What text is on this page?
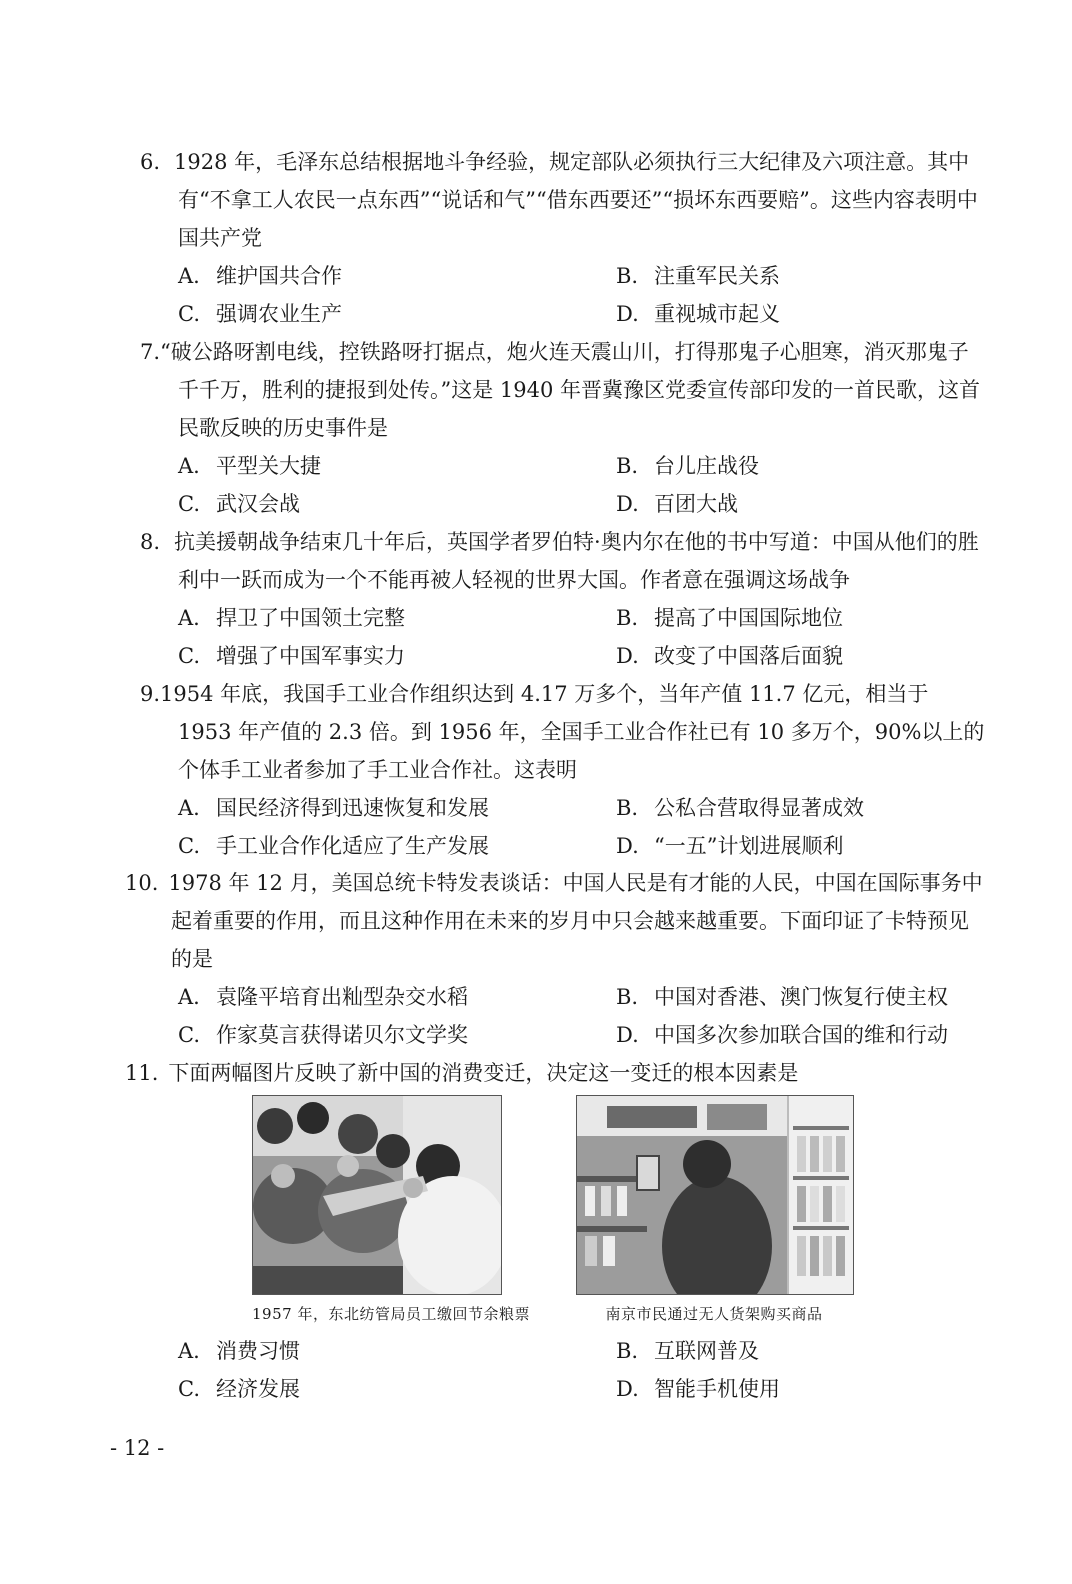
6. 1928 年，毛泽东总结根据地斗争经验，规定部队必须执行三大纪律及六项注意。其中有“不拿工人农民一点东西”“说话和气”“借东西要还”“损坏东西要赔”。这些内容表明中国共产党

A. 维护国共合作	B. 注重军民关系
C. 强调农业生产	D. 重视城市起义

7.“破公路呀割电线，控铁路呀打据点，炮火连天震山川，打得那鬼子心胆寒，消灭那鬼子千千万，胜利的捷报到处传。”这是 1940 年晋冀豫区党委宣传部印发的一首民歌，这首民歌反映的历史事件是

A. 平型关大捷	B. 台儿庄战役
C. 武汉会战	D. 百团大战

8. 抗美援朝战争结束几十年后，英国学者罗伯特·奥内尔在他的书中写道：中国从他们的胜利中一跃而成为一个不能再被人轻视的世界大国。作者意在强调这场战争

A. 捍卫了中国领土完整	B. 提高了中国国际地位
C. 增强了中国军事实力	D. 改变了中国落后面貌

9.1954 年底，我国手工业合作组织达到 4.17 万多个，当年产值 11.7 亿元，相当于 1953 年产值的 2.3 倍。到 1956 年，全国手工业合作社已有 10 多万个，90%以上的个体手工业者参加了手工业合作社。这表明

A. 国民经济得到迅速恢复和发展	B. 公私合营取得显著成效
C. 手工业合作化适应了生产发展	D. “一五”计划进展顺利

10. 1978 年 12 月，美国总统卡特发表谈话：中国人民是有才能的人民，中国在国际事务中起着重要的作用，而且这种作用在未来的岁月中只会越来越重要。下面印证了卡特预见的是

A. 袁隆平培育出籼型杂交水稻	B. 中国对香港、澳门恢复行使主权
C. 作家莫言获得诺贝尔文学奖	D. 中国多次参加联合国的维和行动

11. 下面两幅图片反映了新中国的消费变迁，决定这一变迁的根本因素是

1957 年，东北纺管局员工缴回节余粮票	南京市民通过无人货架购买商品
A. 消费习惯	B. 互联网普及
C. 经济发展	D. 智能手机使用
- 12 -
